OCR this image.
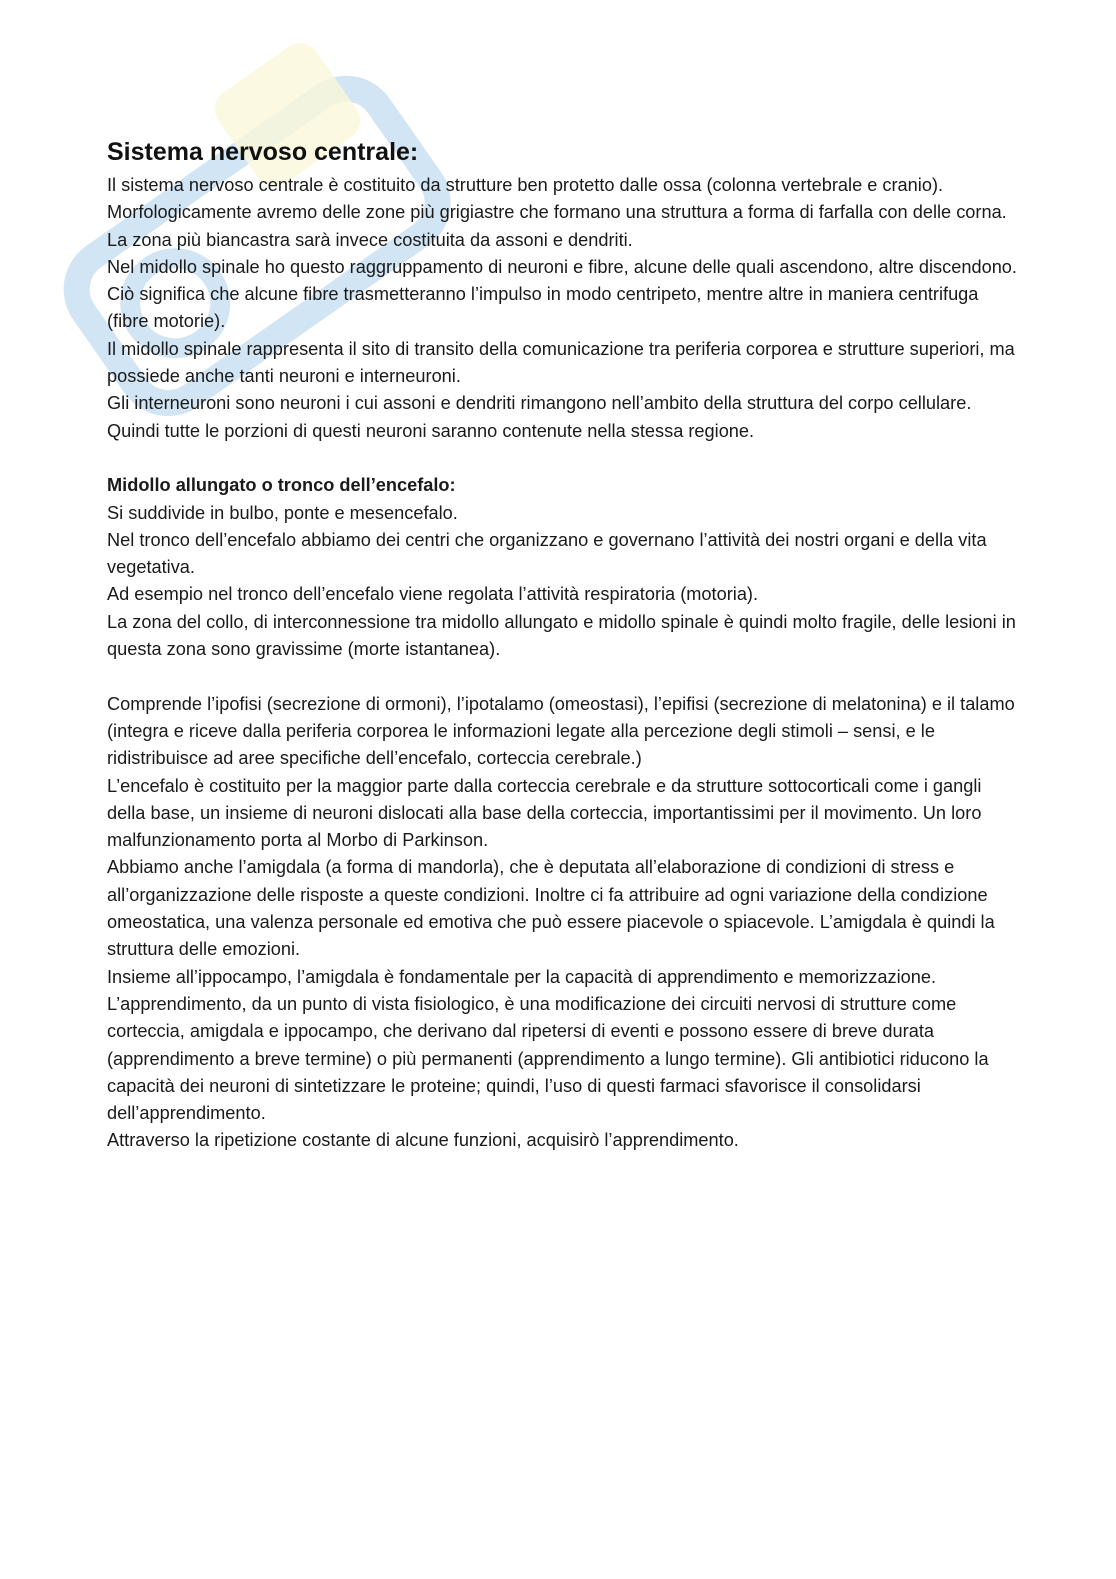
Sistema nervoso centrale:

Il sistema nervoso centrale è costituito da strutture ben protetto dalle ossa (colonna vertebrale e cranio). Morfologicamente avremo delle zone più grigiastre che formano una struttura a forma di farfalla con delle corna. La zona più biancastra sarà invece costituita da assoni e dendriti.

Nel midollo spinale ho questo raggruppamento di neuroni e fibre, alcune delle quali ascendono, altre discendono. Ciò significa che alcune fibre trasmetteranno l’impulso in modo centripeto, mentre altre in maniera centrifuga (fibre motorie).

Il midollo spinale rappresenta il sito di transito della comunicazione tra periferia corporea e strutture superiori, ma possiede anche tanti neuroni e interneuroni.

Gli interneuroni sono neuroni i cui assoni e dendriti rimangono nell’ambito della struttura del corpo cellulare. Quindi tutte le porzioni di questi neuroni saranno contenute nella stessa regione.

Midollo allungato o tronco dell’encefalo:

Si suddivide in bulbo, ponte e mesencefalo.

Nel tronco dell’encefalo abbiamo dei centri che organizzano e governano l’attività dei nostri organi e della vita vegetativa.

Ad esempio nel tronco dell’encefalo viene regolata l’attività respiratoria (motoria).

La zona del collo, di interconnessione tra midollo allungato e midollo spinale è quindi molto fragile, delle lesioni in questa zona sono gravissime (morte istantanea).

Comprende l’ipofisi (secrezione di ormoni), l’ipotalamo (omeostasi), l’epifisi (secrezione di melatonina) e il talamo (integra e riceve dalla periferia corporea le informazioni legate alla percezione degli stimoli – sensi, e le ridistribuisce ad aree specifiche dell’encefalo, corteccia cerebrale.)

L’encefalo è costituito per la maggior parte dalla corteccia cerebrale e da strutture sottocorticali come i gangli della base, un insieme di neuroni dislocati alla base della corteccia, importantissimi per il movimento. Un loro malfunzionamento porta al Morbo di Parkinson.

Abbiamo anche l’amigdala (a forma di mandorla), che è deputata all’elaborazione di condizioni di stress e all’organizzazione delle risposte a queste condizioni. Inoltre ci fa attribuire ad ogni variazione della condizione omeostatica, una valenza personale ed emotiva che può essere piacevole o spiacevole. L’amigdala è quindi la struttura delle emozioni.

Insieme all’ippocampo, l’amigdala è fondamentale per la capacità di apprendimento e memorizzazione.

L’apprendimento, da un punto di vista fisiologico, è una modificazione dei circuiti nervosi di strutture come corteccia, amigdala e ippocampo, che derivano dal ripetersi di eventi e possono essere di breve durata (apprendimento a breve termine) o più permanenti (apprendimento a lungo termine). Gli antibiotici riducono la capacità dei neuroni di sintetizzare le proteine; quindi, l’uso di questi farmaci sfavorisce il consolidarsi dell’apprendimento.

Attraverso la ripetizione costante di alcune funzioni, acquisirò l’apprendimento.
